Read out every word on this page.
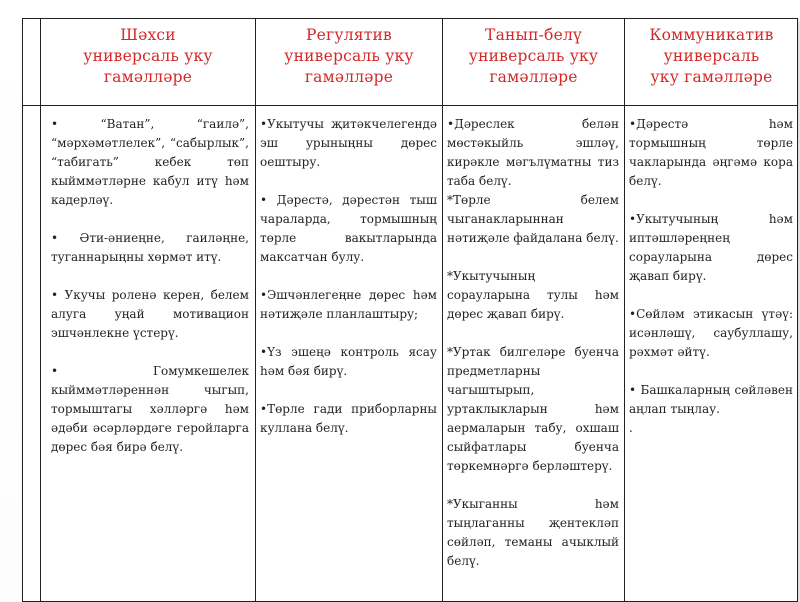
Шәхси
универсаль уку
гамәлләре
Регулятив
универсаль уку
гамәлләре
Танып-белү
универсаль уку
гамәлләре
Коммуникатив
универсаль
уку гамәлләре

• “Ватан”, “гаилә”, “мәрхәмәтлелек”, “сабырлык”, “табигать” кебек төп кыйммәтләрне кабул итү һәм кадерләү.

• Әти-әниеңне, гаиләңне, туганнарыңны хөрмәт итү.

• Укучы роленә керен, белем алуга уңай мотивацион эшчәнлекне үстерү.

• Гомумкешелек кыйммәтләреннән чыгып, тормыштагы хәлләргә һәм әдәби әсәрләрдәге геройларга дөрес бәя бирә белү.

•Укытучы җитәкчелегендә эш урыныңны дөрес оештыру.

• Дәрестә, дәрестән тыш чараларда, тормышның төрле вакытларында максатчан булу.

•Эшчәнлегеңне дөрес һәм нәтиҗәле планлаштыру;

•Үз эшеңә контроль ясау һәм бәя бирү.

•Төрле гади приборларны куллана белү.

•Дәреслек белән мөстәкыйль эшләү, кирәкле мәгълүматны тиз таба белү.

*Төрле белем чыганакларыннан нәтиҗәле файдалана белү.

*Укытучының сорауларына тулы һәм дөрес җавап бирү.

*Уртак билгеләре буенча предметларны чагыштырып, уртаклыкларын һәм аермаларын табу, охшаш сыйфатлары буенча төркемнәргә берләштерү.

*Укыганны һәм тыңлаганны җентекләп сөйләп, теманы ачыклый белү.

•Дәрестә һәм тормышның төрле чакларында әңгәмә кора белү.

•Укытучының һәм иптәшләреңнең сорауларына дөрес җавап бирү.

•Сөйләм этикасын үтәү: исәнләшү, саубуллашу, рәхмәт әйтү.

• Башкаларның сөйләвен аңлап тыңлау.

.
